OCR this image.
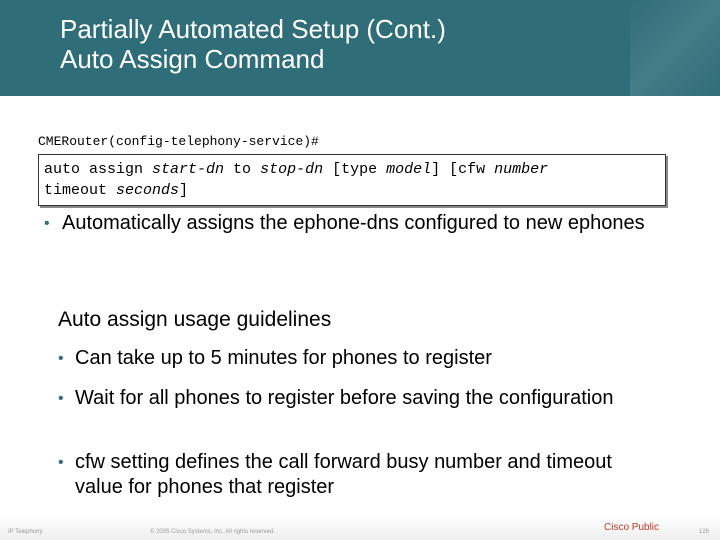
Partially Automated Setup (Cont.)
Auto Assign Command
CMERouter(config-telephony-service)#
auto assign start-dn to stop-dn [type model] [cfw number
timeout seconds]
• Automatically assigns the ephone-dns configured to new ephones
Auto assign usage guidelines
• Can take up to 5 minutes for phones to register
• Wait for all phones to register before saving the configuration
• cfw setting defines the call forward busy number and timeout value for phones that register
IP Telephony	© 2005 Cisco Systems, Inc. All rights reserved.	Cisco Public	128
